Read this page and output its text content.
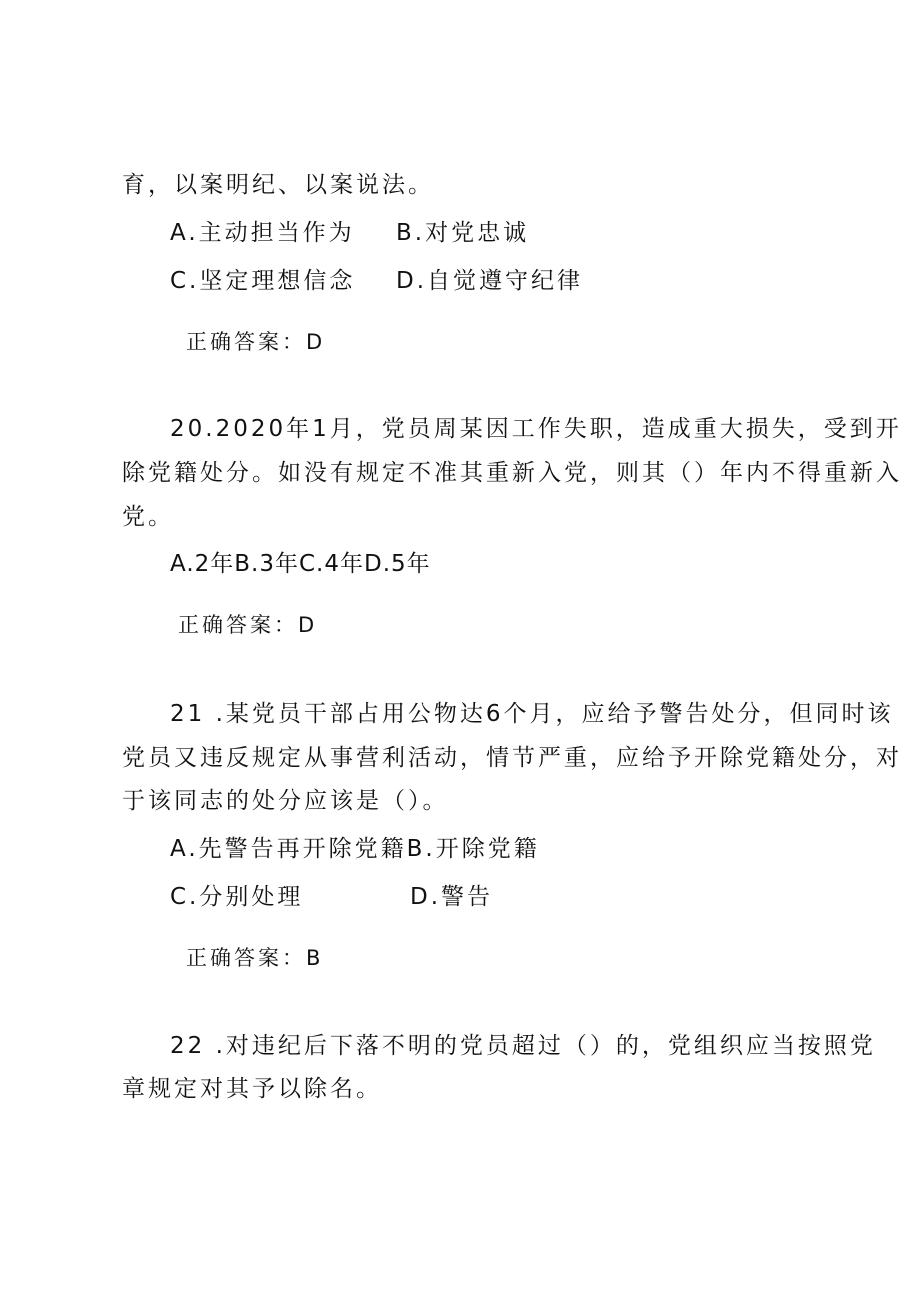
育，以案明纪、以案说法。
A.主动担当作为 B.对党忠诚
C.坚定理想信念 D.自觉遵守纪律
正确答案：D
20.2020年1月，党员周某因工作失职，造成重大损失，受到开
除党籍处分。如没有规定不准其重新入党，则其（）年内不得重新入
党。
A.2年B.3年C.4年D.5年
正确答案：D
21 .某党员干部占用公物达6个月，应给予警告处分，但同时该
党员又违反规定从事营利活动，情节严重，应给予开除党籍处分，对
于该同志的处分应该是（）。
A.先警告再开除党籍B.开除党籍
C.分别处理	D.警告
正确答案：B
22 .对违纪后下落不明的党员超过（）的，党组织应当按照党
章规定对其予以除名。
